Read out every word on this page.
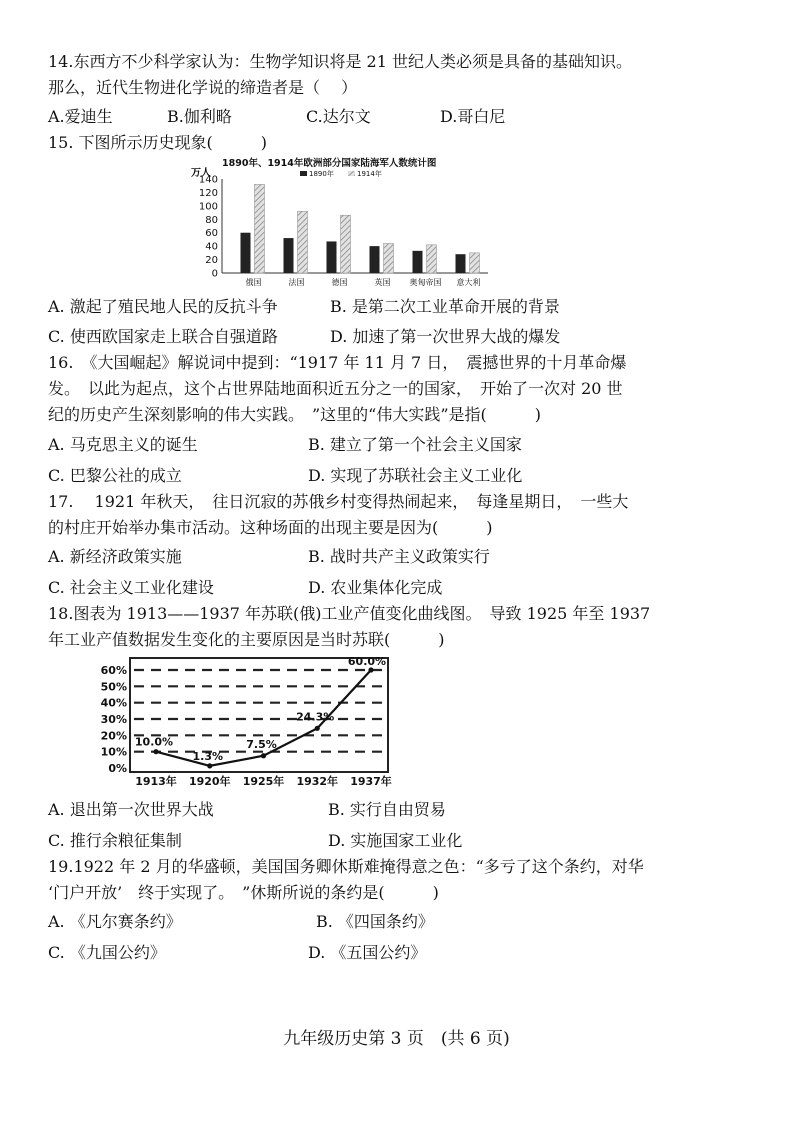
14.东西方不少科学家认为：生物学知识将是 21 世纪人类必须是具备的基础知识。
那么，近代生物进化学说的缔造者是（　 ）
A.爱迪生	B.伽利略	C.达尔文	D.哥白尼
15. 下图所示历史现象(　　　)
1890年、1914年欧洲部分国家陆海军人数统计图
万人	1890年	1914年
0
20
40
60
80
100
120
140
俄国	法国	德国	英国 奥匈帝国 意大利
A. 激起了殖民地人民的反抗斗争	B. 是第二次工业革命开展的背景
C. 使西欧国家走上联合自强道路	D. 加速了第一次世界大战的爆发
16.　《大国崛起》解说词中提到：“1917 年 11 月 7 日，　震撼世界的十月革命爆
发。　以此为起点，这个占世界陆地面积近五分之一的国家，　开始了一次对 20 世
纪的历史产生深刻影响的伟大实践。　”这里的“伟大实践”是指(　　　)
A. 马克思主义的诞生	B. 建立了第一个社会主义国家
C. 巴黎公社的成立	D. 实现了苏联社会主义工业化
17.　 1921 年秋天，　往日沉寂的苏俄乡村变得热闹起来，　每逢星期日，　一些大
的村庄开始举办集市活动。这种场面的出现主要是因为(　　　)
A. 新经济政策实施	B. 战时共产主义政策实行
C. 社会主义工业化建设	D. 农业集体化完成
18.图表为 1913——1937 年苏联(俄)工业产值变化曲线图。　导致 1925 年至 1937
年工业产值数据发生变化的主要原因是当时苏联(　　　)
0%
10%
20%
30%
40%
50%
60%
10.0%
1.3%
7.5%
24.3%
60.0%
1913年 1920年 1925年 1932年 1937年
A. 退出第一次世界大战	B. 实行自由贸易
C. 推行余粮征集制	D. 实施国家工业化
19.1922 年 2 月的华盛顿，美国国务卿休斯难掩得意之色：“多亏了这个条约，对华
‘门户开放’　终于实现了。　”休斯所说的条约是(　　　)
A. 《凡尔赛条约》	B. 《四国条约》
C. 《九国公约》	D. 《五国公约》
九年级历史第 3 页　(共 6 页)
